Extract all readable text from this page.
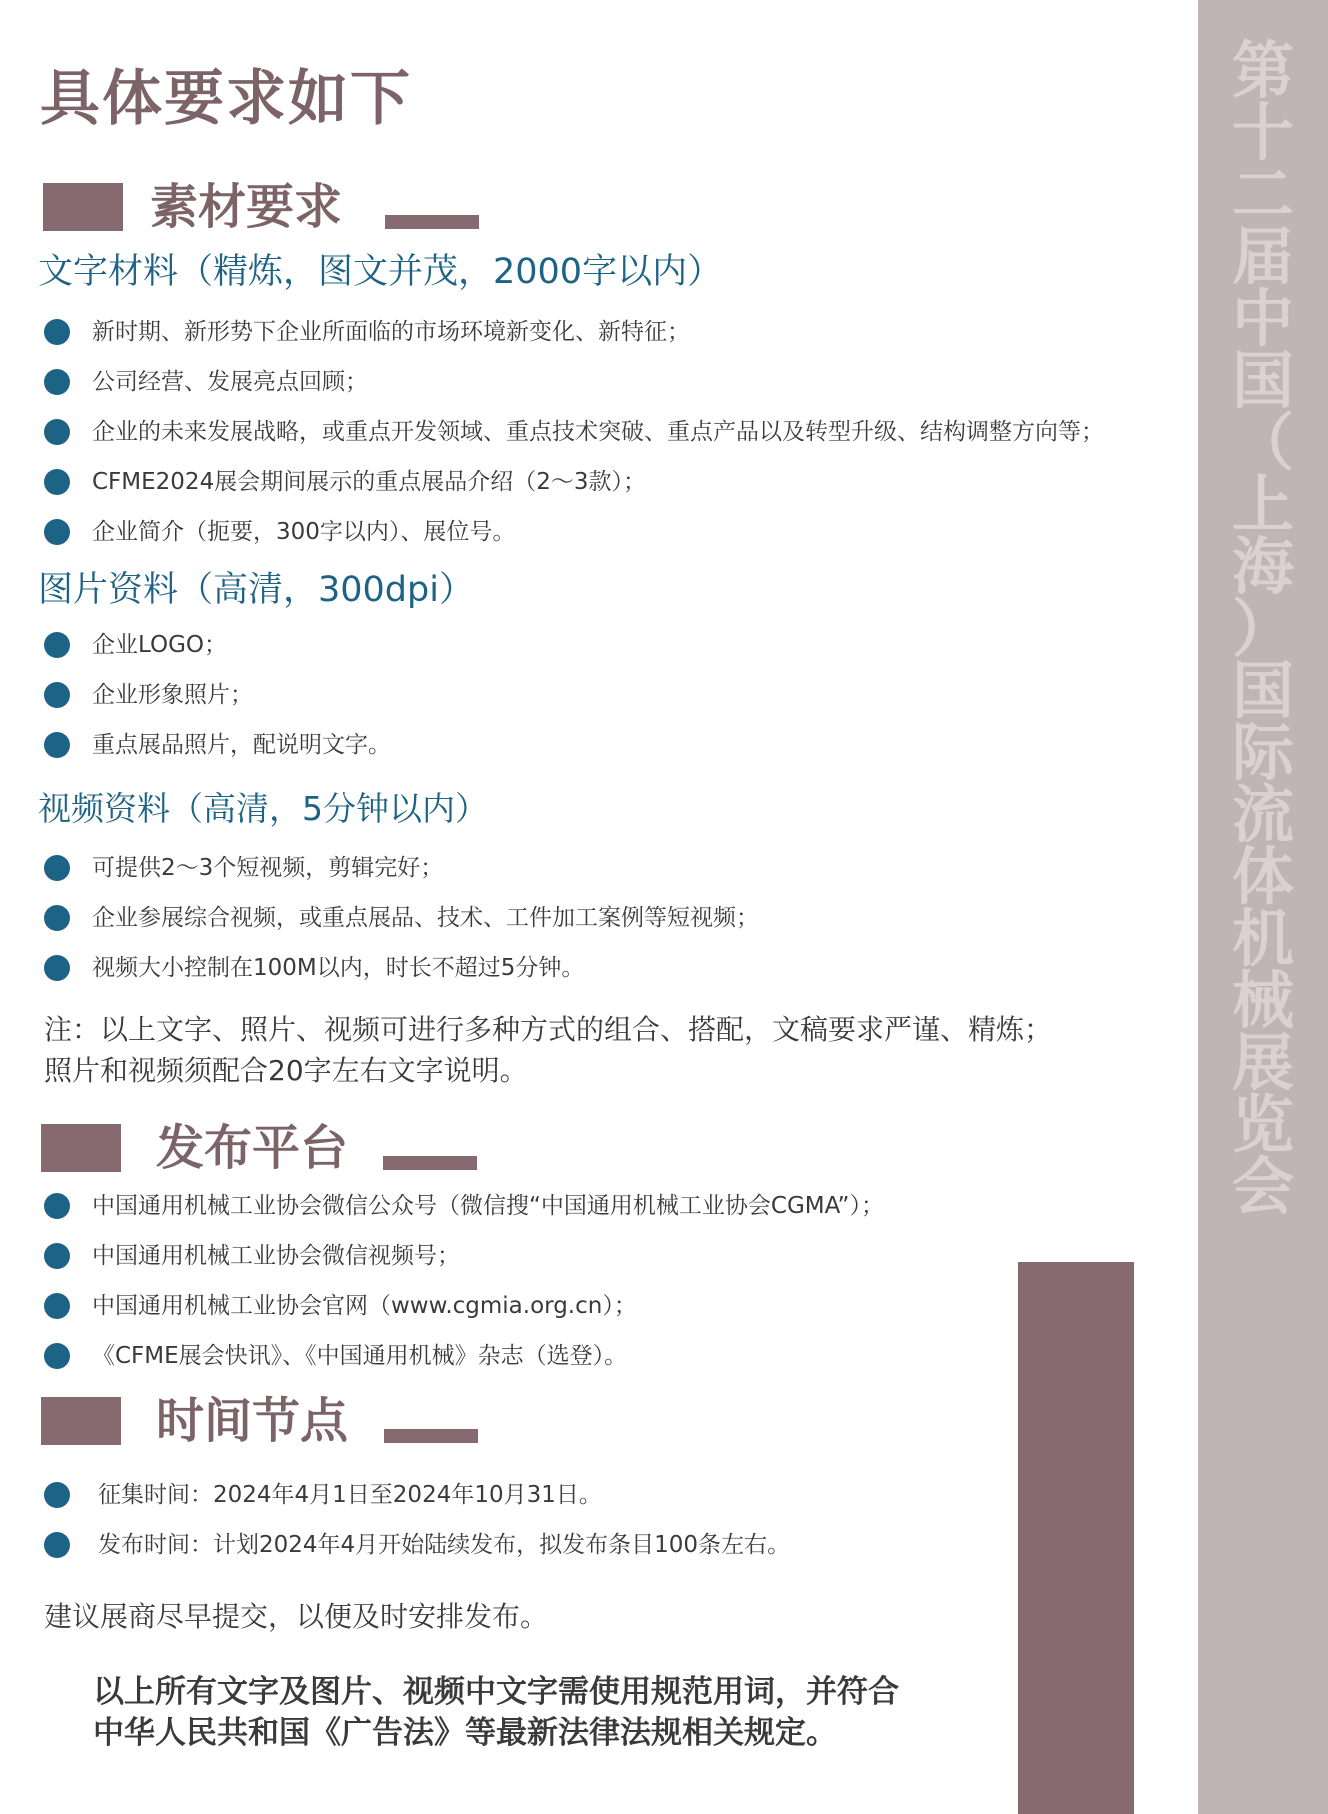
第
十
二
届
中
国
（
上
海
）
国
际
流
体
机
械
展
览
会
具体要求如下
素材要求
文字材料（精炼，图文并茂，2000字以内）
新时期、新形势下企业所面临的市场环境新变化、新特征；
公司经营、发展亮点回顾；
企业的未来发展战略，或重点开发领域、重点技术突破、重点产品以及转型升级、结构调整方向等；
CFME2024展会期间展示的重点展品介绍（2～3款）；
企业简介（扼要，300字以内）、展位号。
图片资料（高清，300dpi）
企业LOGO；
企业形象照片；
重点展品照片，配说明文字。
视频资料（高清，5分钟以内）
可提供2～3个短视频，剪辑完好；
企业参展综合视频，或重点展品、技术、工件加工案例等短视频；
视频大小控制在100M以内，时长不超过5分钟。
注：以上文字、照片、视频可进行多种方式的组合、搭配，文稿要求严谨、精炼；
照片和视频须配合20字左右文字说明。
发布平台
中国通用机械工业协会微信公众号（微信搜“中国通用机械工业协会CGMA”）；
中国通用机械工业协会微信视频号；
中国通用机械工业协会官网（www.cgmia.org.cn）；
《CFME展会快讯》、《中国通用机械》杂志（选登）。
时间节点
征集时间：2024年4月1日至2024年10月31日。
发布时间：计划2024年4月开始陆续发布，拟发布条目100条左右。
建议展商尽早提交，以便及时安排发布。
以上所有文字及图片、视频中文字需使用规范用词，并符合
中华人民共和国《广告法》等最新法律法规相关规定。
